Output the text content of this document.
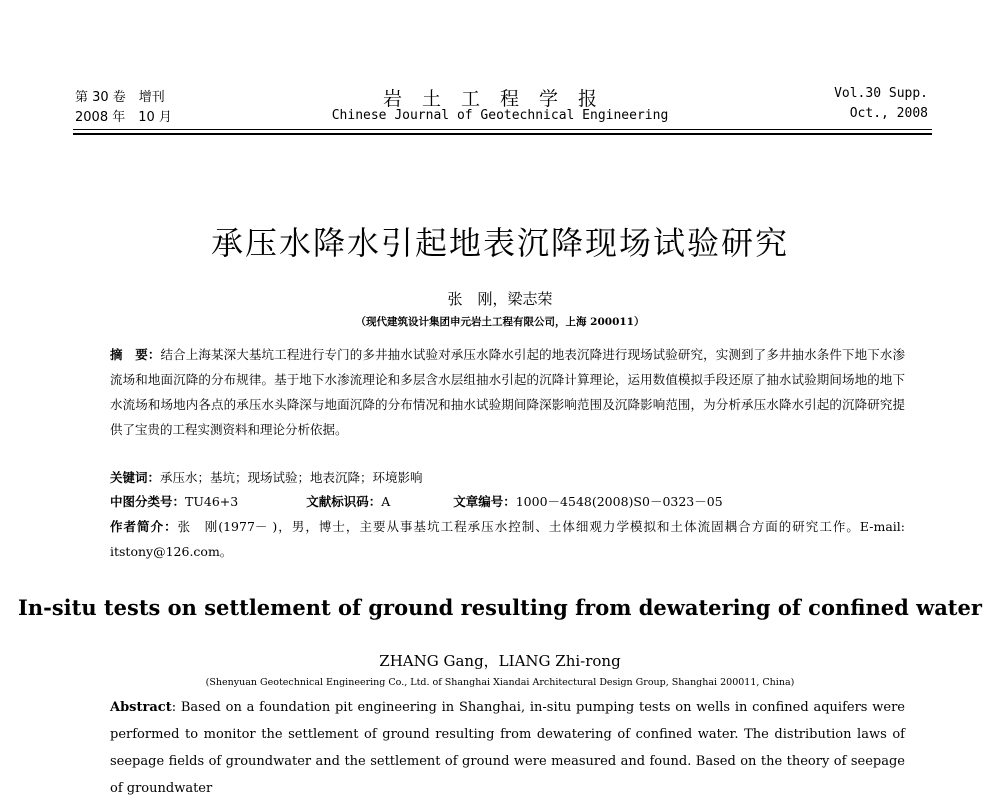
第 30 卷　增刊
2008 年　10 月
岩土工程学报
Chinese Journal of Geotechnical Engineering
Vol.30 Supp.
Oct., 2008
承压水降水引起地表沉降现场试验研究
张　刚，梁志荣
（现代建筑设计集团申元岩土工程有限公司，上海 200011）
摘　要：结合上海某深大基坑工程进行专门的多井抽水试验对承压水降水引起的地表沉降进行现场试验研究，实测到了多井抽水条件下地下水渗流场和地面沉降的分布规律。基于地下水渗流理论和多层含水层组抽水引起的沉降计算理论，运用数值模拟手段还原了抽水试验期间场地的地下水流场和场地内各点的承压水头降深与地面沉降的分布情况和抽水试验期间降深影响范围及沉降影响范围，为分析承压水降水引起的沉降研究提供了宝贵的工程实测资料和理论分析依据。
关键词：承压水；基坑；现场试验；地表沉降；环境影响
中图分类号：TU46+3	文献标识码：A	文章编号：1000－4548(2008)S0－0323－05
作者简介：张　刚(1977－ )，男，博士，主要从事基坑工程承压水控制、土体细观力学模拟和土体流固耦合方面的研究工作。E-mail: itstony@126.com。
In-situ tests on settlement of ground resulting from dewatering of confined water
ZHANG Gang，LIANG Zhi-rong
(Shenyuan Geotechnical Engineering Co., Ltd. of Shanghai Xiandai Architectural Design Group, Shanghai 200011, China)
Abstract: Based on a foundation pit engineering in Shanghai, in-situ pumping tests on wells in confined aquifers were performed to monitor the settlement of ground resulting from dewatering of confined water. The distribution laws of seepage fields of groundwater and the settlement of ground were measured and found. Based on the theory of seepage of groundwater
